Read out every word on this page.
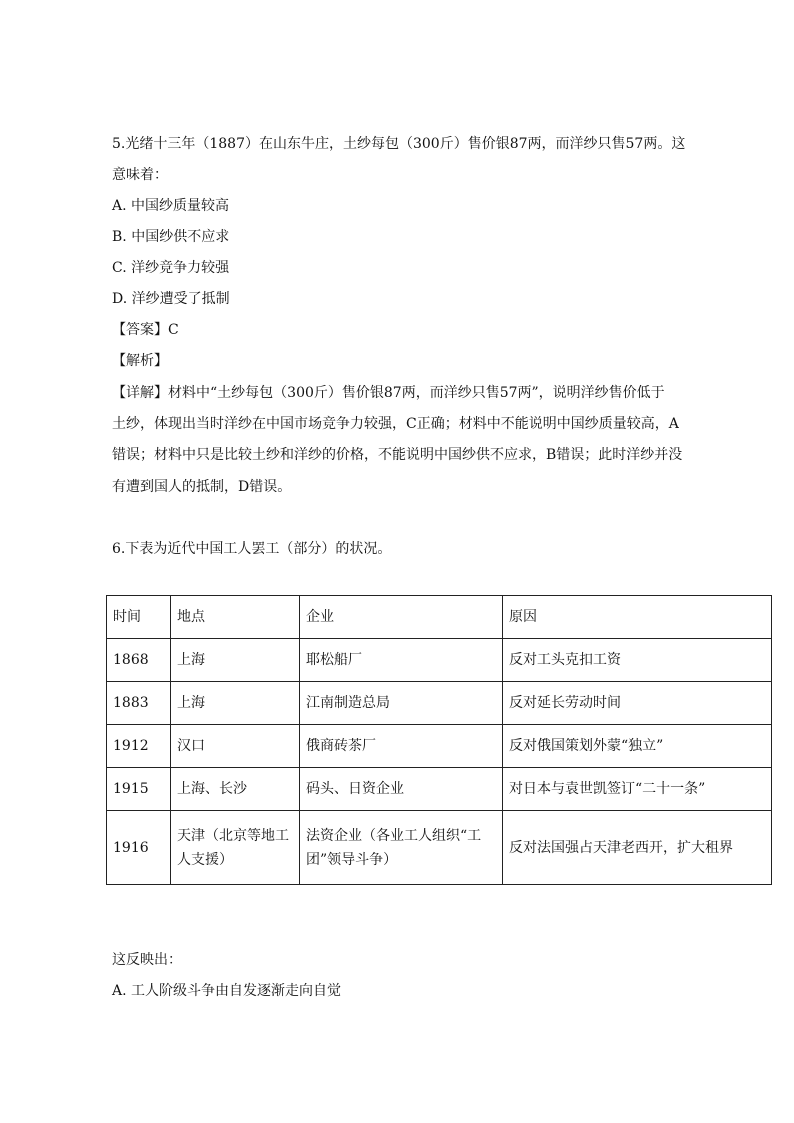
5.光绪十三年（1887）在山东牛庄，土纱每包（300斤）售价银87两，而洋纱只售57两。这
意味着：
A. 中国纱质量较高
B. 中国纱供不应求
C. 洋纱竞争力较强
D. 洋纱遭受了抵制
【答案】C
【解析】
【详解】材料中“土纱每包（300斤）售价银87两，而洋纱只售57两”，说明洋纱售价低于
土纱，体现出当时洋纱在中国市场竞争力较强，C正确；材料中不能说明中国纱质量较高，A
错误；材料中只是比较土纱和洋纱的价格，不能说明中国纱供不应求，B错误；此时洋纱并没
有遭到国人的抵制，D错误。
6.下表为近代中国工人罢工（部分）的状况。
时间	地点	企业	原因
1868	上海	耶松船厂	反对工头克扣工资
1883	上海	江南制造总局	反对延长劳动时间
1912	汉口	俄商砖茶厂	反对俄国策划外蒙“独立”
1915	上海、长沙	码头、日资企业	对日本与袁世凯签订“二十一条”
1916	天津（北京等地工人支援）	法资企业（各业工人组织“工团”领导斗争）	反对法国强占天津老西开，扩大租界
这反映出：
A. 工人阶级斗争由自发逐渐走向自觉
